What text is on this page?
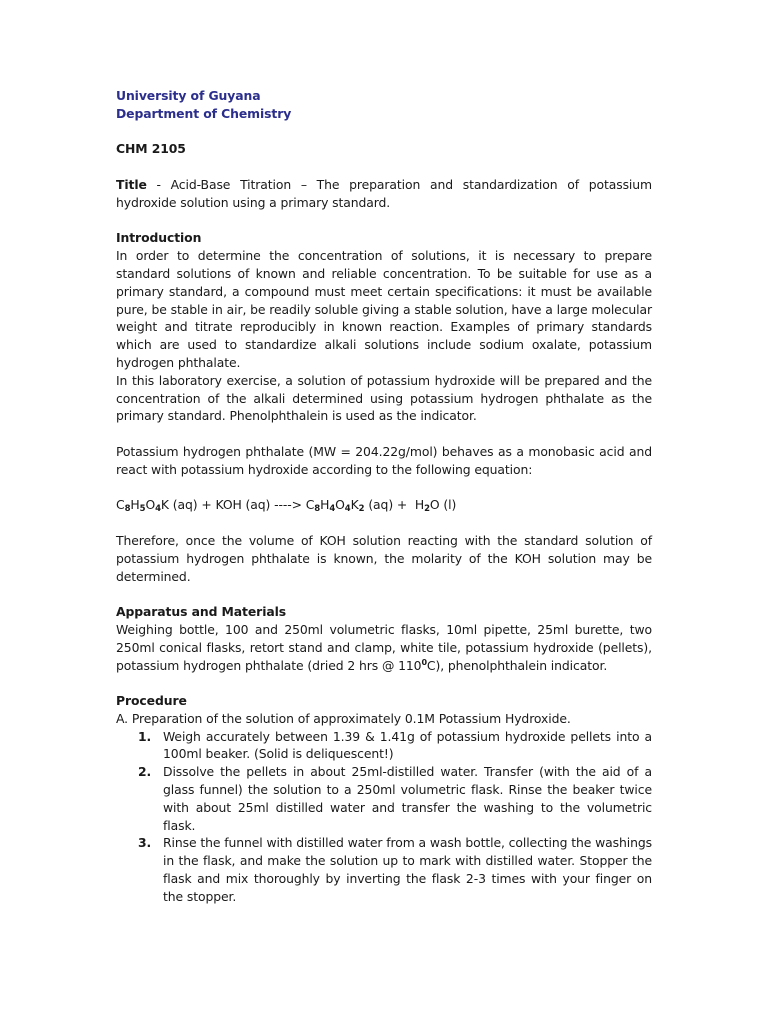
University of Guyana
Department of Chemistry
CHM 2105

Title - Acid-Base Titration – The preparation and standardization of potassium hydroxide solution using a primary standard.

Introduction

In order to determine the concentration of solutions, it is necessary to prepare standard solutions of known and reliable concentration. To be suitable for use as a primary standard, a compound must meet certain specifications: it must be available pure, be stable in air, be readily soluble giving a stable solution, have a large molecular weight and titrate reproducibly in known reaction. Examples of primary standards which are used to standardize alkali solutions include sodium oxalate, potassium hydrogen phthalate.

In this laboratory exercise, a solution of potassium hydroxide will be prepared and the concentration of the alkali determined using potassium hydrogen phthalate as the primary standard. Phenolphthalein is used as the indicator.

Potassium hydrogen phthalate (MW = 204.22g/mol) behaves as a monobasic acid and react with potassium hydroxide according to the following equation:

$C_8H_5O_4K$ (aq) + KOH (aq) ----> $C_8H_4O_4K_2$ $(aq) + H_2O$ (l)

Therefore, once the volume of KOH solution reacting with the standard solution of potassium hydrogen phthalate is known, the molarity of the KOH solution may be determined.

Apparatus and Materials

Weighing bottle, 100 and 250ml volumetric flasks, 10ml pipette, 25ml burette, two 250ml conical flasks, retort stand and clamp, white tile, potassium hydroxide (pellets), potassium hydrogen phthalate (dried 2 hrs @ $110^0C$), phenolphthalein indicator.

Procedure
A. Preparation of the solution of approximately 0.1M Potassium Hydroxide.
1. Weigh accurately between 1.39 & 1.41g of potassium hydroxide pellets into a 100ml beaker. (Solid is deliquescent!)
2. Dissolve the pellets in about 25ml-distilled water. Transfer (with the aid of a glass funnel) the solution to a 250ml volumetric flask. Rinse the beaker twice with about 25ml distilled water and transfer the washing to the volumetric flask.
3. Rinse the funnel with distilled water from a wash bottle, collecting the washings in the flask, and make the solution up to mark with distilled water. Stopper the flask and mix thoroughly by inverting the flask 2-3 times with your finger on the stopper.
